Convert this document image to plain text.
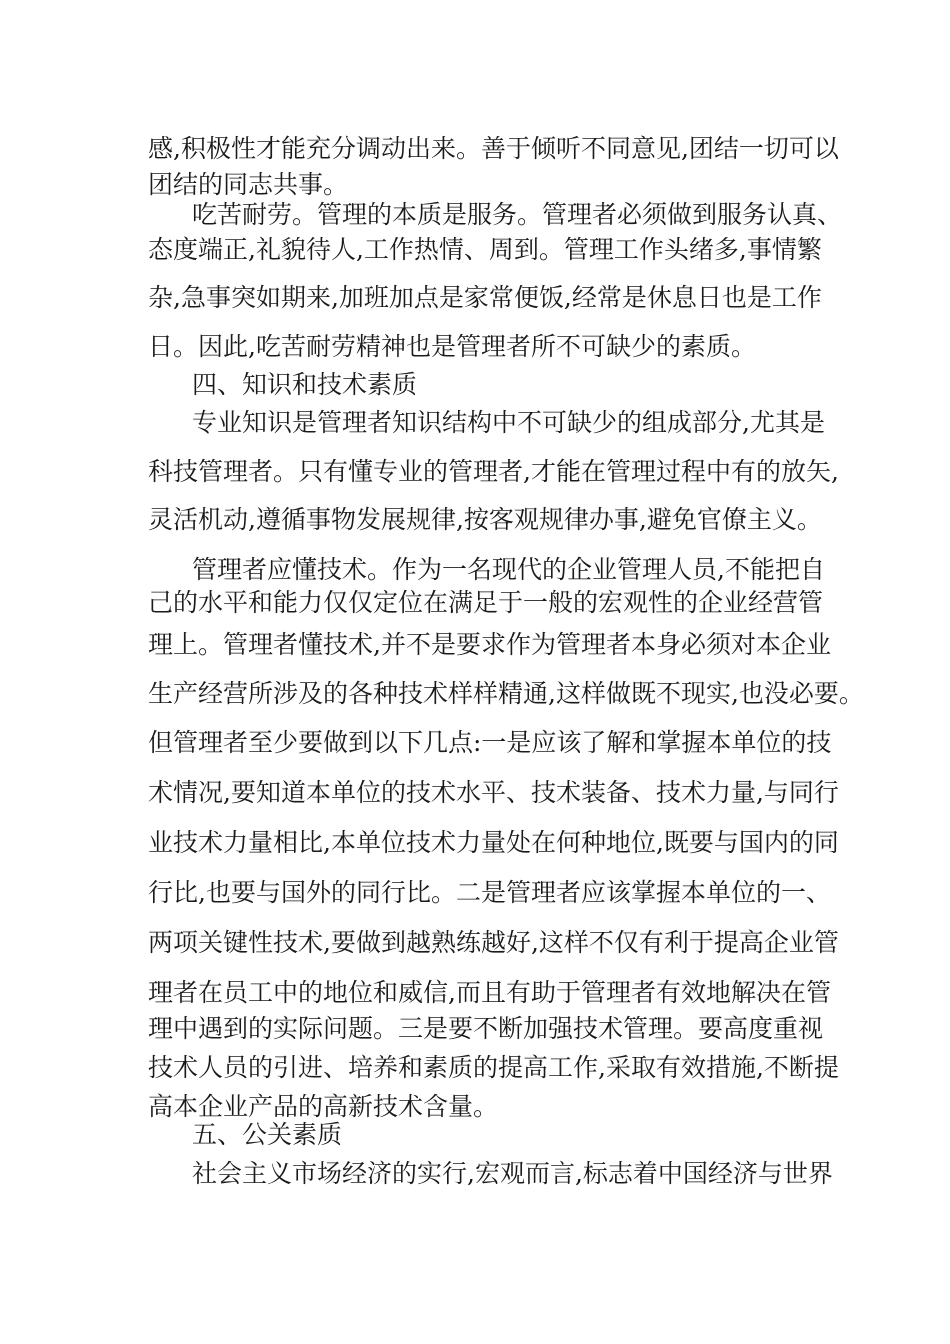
感,积极性才能充分调动出来。善于倾听不同意见,团结一切可以
团结的同志共事。
吃苦耐劳。管理的本质是服务。管理者必须做到服务认真、
态度端正,礼貌待人,工作热情、周到。管理工作头绪多,事情繁
杂,急事突如期来,加班加点是家常便饭,经常是休息日也是工作
日。因此,吃苦耐劳精神也是管理者所不可缺少的素质。
四、知识和技术素质
专业知识是管理者知识结构中不可缺少的组成部分,尤其是
科技管理者。只有懂专业的管理者,才能在管理过程中有的放矢,
灵活机动,遵循事物发展规律,按客观规律办事,避免官僚主义。
管理者应懂技术。作为一名现代的企业管理人员,不能把自
己的水平和能力仅仅定位在满足于一般的宏观性的企业经营管
理上。管理者懂技术,并不是要求作为管理者本身必须对本企业
生产经营所涉及的各种技术样样精通,这样做既不现实,也没必要。
但管理者至少要做到以下几点:一是应该了解和掌握本单位的技
术情况,要知道本单位的技术水平、技术装备、技术力量,与同行
业技术力量相比,本单位技术力量处在何种地位,既要与国内的同
行比,也要与国外的同行比。二是管理者应该掌握本单位的一、
两项关键性技术,要做到越熟练越好,这样不仅有利于提高企业管
理者在员工中的地位和威信,而且有助于管理者有效地解决在管
理中遇到的实际问题。三是要不断加强技术管理。要高度重视
技术人员的引进、培养和素质的提高工作,采取有效措施,不断提
高本企业产品的高新技术含量。
五、公关素质
社会主义市场经济的实行,宏观而言,标志着中国经济与世界
